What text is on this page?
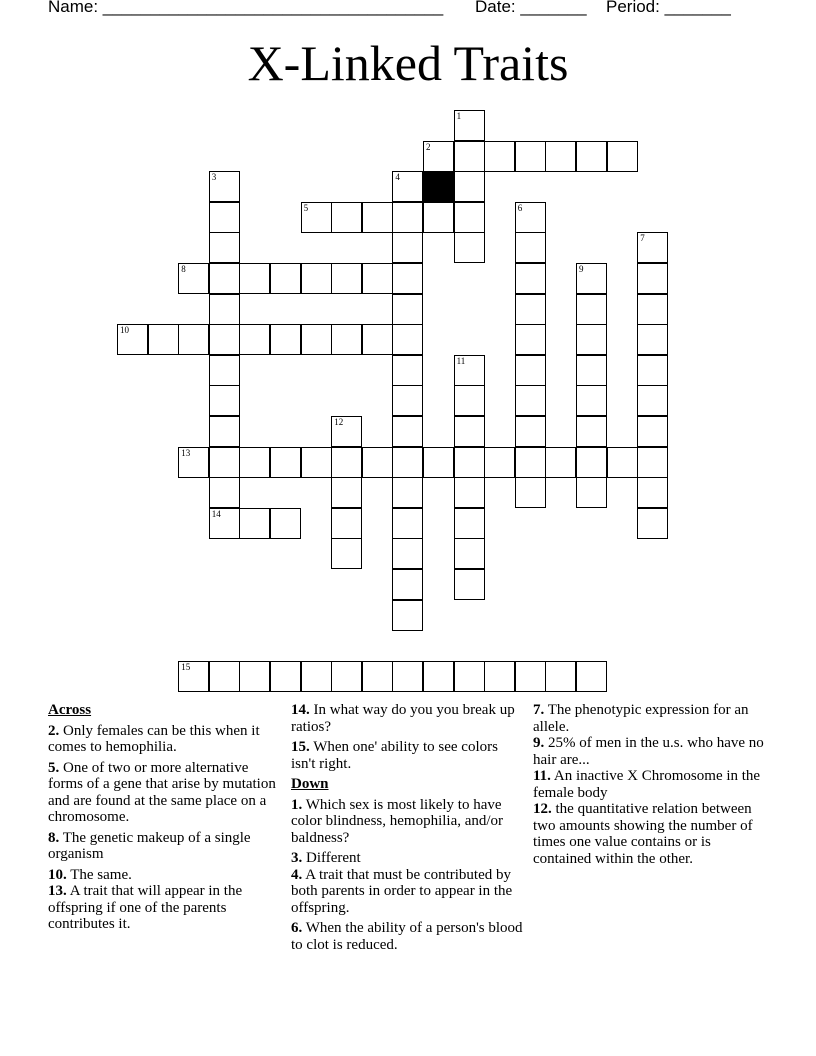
Name: ____________________________________ Date: _______ Period: _______
X-Linked Traits
1
2
3
14
4
5	6
7
8	9
10
11
12
13
15
Across
2. Only females can be this when it comes to hemophilia.
5. One of two or more alternative forms of a gene that arise by mutation and are found at the same place on a chromosome.
8. The genetic makeup of a single organism
10. The same.
13. A trait that will appear in the offspring if one of the parents contributes it.
14. In what way do you you break up ratios?
15. When one' ability to see colors isn't right.
Down
1. Which sex is most likely to have color blindness, hemophilia, and/or baldness?
3. Different
4. A trait that must be contributed by both parents in order to appear in the offspring.
6. When the ability of a person's blood to clot is reduced.
7. The phenotypic expression for an allele.
9. 25% of men in the u.s. who have no hair are...
11. An inactive X Chromosome in the female body
12. the quantitative relation between two amounts showing the number of times one value contains or is contained within the other.
